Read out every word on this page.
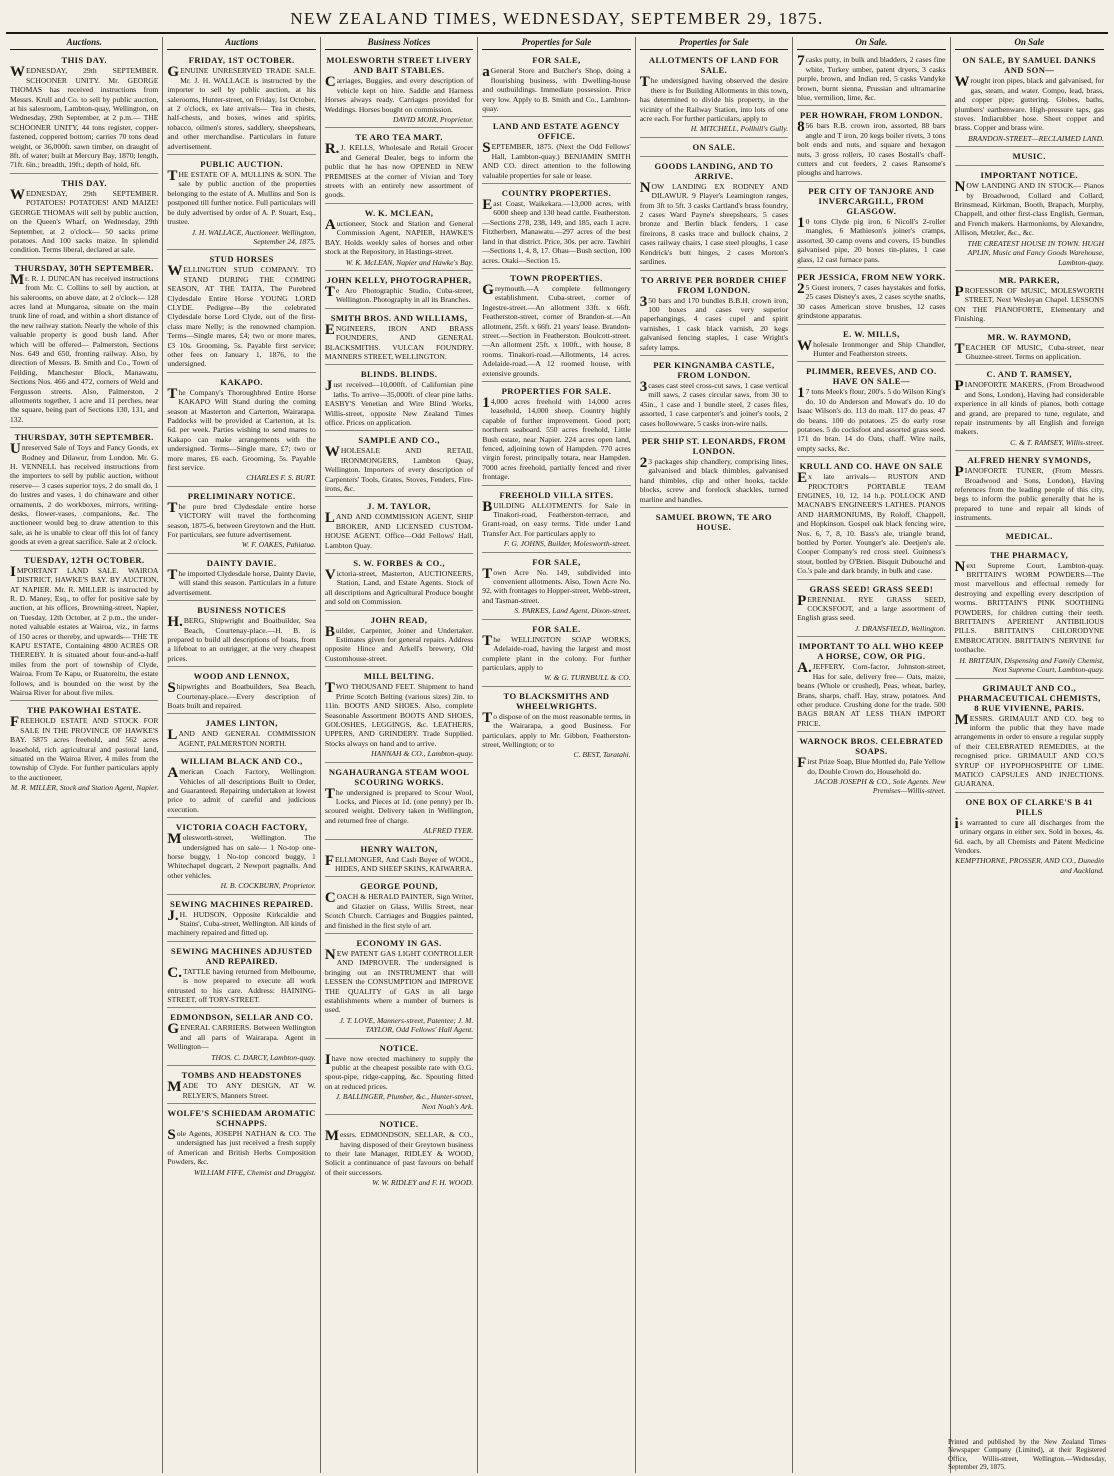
NEW ZEALAND TIMES, WEDNESDAY, SEPTEMBER 29, 1875.
Auctions.
THIS DAY.
WEDNESDAY, 29th SEPTEMBER. SCHOONER UNITY. Mr. GEORGE THOMAS has received instructions from Messrs. Krull and Co. to sell by public auction, at his salesroom, Lambton-quay, Wellington, on Wednesday, 29th September, at 2 p.m.— THE SCHOONER UNITY, 44 tons register, copper-fastened, coppered bottom; carries 70 tons dead weight, or 36,000ft. sawn timber, on draught of 8ft. of water; built at Mercury Bay, 1870; length, 71ft. 6in.; breadth, 19ft.; depth of hold, 6ft.
THIS DAY.
WEDNESDAY, 29th SEPTEMBER. POTATOES! POTATOES! AND MAIZE! GEORGE THOMAS will sell by public auction, on the Queen's Wharf, on Wednesday, 29th September, at 2 o'clock— 50 sacks prime potatoes. And 100 sacks maize. In splendid condition. Terms liberal, declared at sale.
THURSDAY, 30TH SEPTEMBER.
Mr. R. J. DUNCAN has received instructions from Mr. C. Collins to sell by auction, at his salerooms, on above date, at 2 o'clock— 128 acres land at Mungaroa, situate on the main trunk line of road, and within a short distance of the new railway station. Nearly the whole of this valuable property is good bush land. After which will be offered— Palmerston, Sections Nos. 649 and 650, fronting railway. Also, by direction of Messrs. B. Smith and Co., Town of Feilding, Manchester Block, Manawatu, Sections Nos. 466 and 472, corners of Weld and Fergusson streets. Also, Palmerston, 2 allotments together, 1 acre and 11 perches, near the square, being part of Sections 130, 131, and 132.
THURSDAY, 30TH SEPTEMBER.
Unreserved Sale of Toys and Fancy Goods, ex Rodney and Dilawur, from London. Mr. G. H. VENNELL has received instructions from the importers to sell by public auction, without reserve— 3 cases superior toys, 2 do small do, 1 do lustres and vases, 1 do chinaware and other ornaments, 2 do workboxes, mirrors, writing-desks, flower-vases, companions, &c. The auctioneer would beg to draw attention to this sale, as he is unable to clear off this lot of fancy goods at even a great sacrifice. Sale at 2 o'clock.
TUESDAY, 12TH OCTOBER.
IMPORTANT LAND SALE. WAIROA DISTRICT, HAWKE'S BAY. BY AUCTION, AT NAPIER. Mr. R. MILLER is instructed by R. D. Maney, Esq., to offer for positive sale by auction, at his offices, Browning-street, Napier, on Tuesday, 12th October, at 2 p.m., the under-noted valuable estates at Wairoa, viz., in farms of 150 acres or thereby, and upwards— THE TE KAPU ESTATE, Containing 4800 ACRES OR THEREBY. It is situated about four-and-a-half miles from the port of township of Clyde, Wairoa. From Te Kapu, or Ruatoreitu, the estate follows, and is bounded on the west by the Wairoa River for about five miles.
THE PAKOWHAI ESTATE.
FREEHOLD ESTATE AND STOCK FOR SALE IN THE PROVINCE OF HAWKE'S BAY. 5875 acres freehold, and 562 acres leasehold, rich agricultural and pastoral land, situated on the Wairoa River, 4 miles from the township of Clyde. For further particulars apply to the auctioneer,
M. R. MILLER, Stock and Station Agent, Napier.
Auctions
FRIDAY, 1ST OCTOBER.
GENUINE UNRESERVED TRADE SALE. Mr. J. H. WALLACE is instructed by the importer to sell by public auction, at his salerooms, Hunter-street, on Friday, 1st October, at 2 o'clock, ex late arrivals— Tea in chests, half-chests, and boxes, wines and spirits, tobacco, oilmen's stores, saddlery, sheepshears, and other merchandise. Particulars in future advertisement.
PUBLIC AUCTION.
THE ESTATE OF A. MULLINS & SON. The sale by public auction of the properties belonging to the estate of A. Mullins and Son is postponed till further notice. Full particulars will be duly advertised by order of A. P. Stuart, Esq., trustee.
J. H. WALLACE, Auctioneer. Wellington, September 24, 1875.
STUD HORSES
WELLINGTON STUD COMPANY. TO STAND DURING THE COMING SEASON, AT THE TAITA, The Purebred Clydesdale Entire Horse YOUNG LORD CLYDE. Pedigree—By the celebrated Clydesdale horse Lord Clyde, out of the first-class mare Nelly; is the renowned champion. Terms—Single mares, £4; two or more mares, £3 10s. Grooming, 5s. Payable first service; other fees on January 1, 1876, to the undersigned.
KAKAPO.
The Company's Thoroughbred Entire Horse KAKAPO Will Stand during the coming season at Masterton and Carterton, Wairarapa. Paddocks will be provided at Carterton, at 1s. 6d. per week. Parties wishing to send mares to Kakapo can make arrangements with the undersigned. Terms—Single mare, £7; two or more mares, £6 each. Grooming, 5s. Payable first service.
CHARLES F. S. BURT.
PRELIMINARY NOTICE.
The pure bred Clydesdale entire horse VICTORY will travel the forthcoming season, 1875-6, between Greytown and the Hutt. For particulars, see future advertisement.
W. F. OAKES, Pahiatua.
DAINTY DAVIE.
The imported Clydesdale horse, Dainty Davie, will stand this season. Particulars in a future advertisement.
BUSINESS NOTICES
H.BERG, Shipwright and Boatbuilder, Sea Beach, Courtenay-place.—H. B. is prepared to build all descriptions of boats, from a lifeboat to an outrigger, at the very cheapest prices.
WOOD AND LENNOX,
Shipwrights and Boatbuilders, Sea Beach, Courtenay-place.—Every description of Boats built and repaired.
JAMES LINTON,
LAND AND GENERAL COMMISSION AGENT, PALMERSTON NORTH.
WILLIAM BLACK AND CO.,
American Coach Factory, Wellington. Vehicles of all descriptions Built to Order, and Guaranteed. Repairing undertaken at lowest price to admit of careful and judicious execution.
VICTORIA COACH FACTORY,
Molesworth-street, Wellington. The undersigned has on sale— 1 No-top one-horse buggy, 1 No-top concord buggy, 1 Whitechapel dogcart, 2 Newport pagnalls. And other vehicles.
H. B. COCKBURN, Proprietor.
SEWING MACHINES REPAIRED.
J.H. HUDSON, Opposite Kirkcaldie and Stains', Cuba-street, Wellington. All kinds of machinery repaired and fitted up.
SEWING MACHINES ADJUSTED AND REPAIRED.
C.TATTLE having returned from Melbourne, is now prepared to execute all work entrusted to his care. Address: HAINING-STREET, off TORY-STREET.
EDMONDSON, SELLAR AND CO.
GENERAL CARRIERS. Between Wellington and all parts of Wairarapa. Agent in Wellington—
THOS. C. DARCY, Lambton-quay.
TOMBS AND HEADSTONES
MADE TO ANY DESIGN, AT W. RELYER'S, Manners Street.
WOLFE'S SCHIEDAM AROMATIC SCHNAPPS.
Sole Agents, JOSEPH NATHAN & CO. The undersigned has just received a fresh supply of American and British Herbs Composition Powders, &c.
WILLIAM FIFE, Chemist and Druggist.
Business Notices
MOLESWORTH STREET LIVERY AND BAIT STABLES.
Carriages, Buggies, and every description of vehicle kept on hire. Saddle and Harness Horses always ready. Carriages provided for Weddings. Horses bought on commission.
DAVID MOIR, Proprietor.
TE ARO TEA MART.
R.J. KELLS, Wholesale and Retail Grocer and General Dealer, begs to inform the public that he has now OPENED in NEW PREMISES at the corner of Vivian and Tory streets with an entirely new assortment of goods.
W. K. MCLEAN,
Auctioneer, Stock and Station and General Commission Agent, NAPIER, HAWKE'S BAY. Holds weekly sales of horses and other stock at the Repository, in Hastings-street.
W. K. McLEAN, Napier and Hawke's Bay.
JOHN KELLY, PHOTOGRAPHER,
Te Aro Photographic Studio, Cuba-street, Wellington. Photography in all its Branches.
SMITH BROS. AND WILLIAMS,
ENGINEERS, IRON AND BRASS FOUNDERS, AND GENERAL BLACKSMITHS. VULCAN FOUNDRY. MANNERS STREET, WELLINGTON.
BLINDS. BLINDS.
Just received—10,000ft. of Californian pine laths. To arrive—35,000ft. of clear pine laths. EASBY'S Venetian and Wire Blind Works, Willis-street, opposite New Zealand Times office. Prices on application.
SAMPLE AND CO.,
WHOLESALE AND RETAIL IRONMONGERS, Lambton Quay, Wellington. Importers of every description of Carpenters' Tools, Grates, Stoves, Fenders, Fire-irons, &c.
J. M. TAYLOR,
LAND AND COMMISSION AGENT, SHIP BROKER, AND LICENSED CUSTOM-HOUSE AGENT. Office—Odd Fellows' Hall, Lambton Quay.
S. W. FORBES & CO.,
Victoria-street, Masterton, AUCTIONEERS, Station, Land, and Estate Agents. Stock of all descriptions and Agricultural Produce bought and sold on Commission.
JOHN READ,
Builder, Carpenter, Joiner and Undertaker. Estimates given for general repairs. Address opposite Hince and Arkell's brewery, Old Customhouse-street.
MILL BELTING.
TWO THOUSAND FEET. Shipment to hand Prime Scotch Belting (various sizes) 2in. to 11in. BOOTS AND SHOES. Also, complete Seasonable Assortment BOOTS AND SHOES, GOLOSHES, LEGGINGS, &c. LEATHERS, UPPERS, AND GRINDERY. Trade Supplied. Stocks always on hand and to arrive.
HANNAH & CO., Lambton-quay.
NGAHAURANGA STEAM WOOL SCOURING WORKS.
The undersigned is prepared to Scour Wool, Locks, and Pieces at 1d. (one penny) per lb. scoured weight. Delivery taken in Wellington, and returned free of charge.
ALFRED TYER.
HENRY WALTON,
FELLMONGER, And Cash Buyer of WOOL, HIDES, AND SHEEP SKINS, KAIWARRA.
GEORGE POUND,
COACH & HERALD PAINTER, Sign Writer, and Glazier on Glass, Willis Street, near Scotch Church. Carriages and Buggies painted, and finished in the first style of art.
ECONOMY IN GAS.
NEW PATENT GAS LIGHT CONTROLLER AND IMPROVER. The undersigned is bringing out an INSTRUMENT that will LESSEN the CONSUMPTION and IMPROVE THE QUALITY of GAS in all large establishments where a number of burners is used.
J. T. LOVE, Manners-street, Patentee; J. M. TAYLOR, Odd Fellows' Hall Agent.
NOTICE.
Ihave now erected machinery to supply the public at the cheapest possible rate with O.G. spout-pipe, ridge-capping, &c. Spouting fitted on at reduced prices.
J. BALLINGER, Plumber, &c., Hunter-street, Next Noah's Ark.
NOTICE.
Messrs. EDMONDSON, SELLAR, & CO., having disposed of their Greytown business to their late Manager, RIDLEY & WOOD, Solicit a continuance of past favours on behalf of their successors.
W. W. RIDLEY and F. H. WOOD.
Properties for Sale
FOR SALE,
aGeneral Store and Butcher's Shop, doing a flourishing business, with Dwelling-house and outbuildings. Immediate possession. Price very low. Apply to B. Smith and Co., Lambton-quay.
LAND AND ESTATE AGENCY OFFICE.
SEPTEMBER, 1875. (Next the Odd Fellows' Hall, Lambton-quay.) BENJAMIN SMITH AND CO. direct attention to the following valuable properties for sale or lease.
COUNTRY PROPERTIES.
East Coast, Waikekara.—13,000 acres, with 6000 sheep and 130 head cattle. Featherston.—Sections 278, 238, 149, and 185, each 1 acre. Fitzherbert, Manawatu.—297 acres of the best land in that district. Price, 30s. per acre. Tawhiri—Sections 1, 4, 8, 17. Ohau—Bush section, 100 acres. Otaki—Section 15.
TOWN PROPERTIES.
Greymouth.—A complete fellmongery establishment. Cuba-street, corner of Ingestre-street.—An allotment 33ft. x 66ft. Featherston-street, corner of Brandon-st.—An allotment, 25ft. x 66ft. 21 years' lease. Brandon-street.—Section in Featherston. Boulcott-street.—An allotment 25ft. x 100ft., with house, 8 rooms. Tinakori-road.—Allotments, 14 acres. Adelaide-road.—A 12 roomed house, with extensive grounds.
PROPERTIES FOR SALE.
14,000 acres freehold with 14,000 acres leasehold, 14,000 sheep. Country highly capable of further improvement. Good port; northern seaboard. 550 acres freehold, Little Bush estate, near Napier. 224 acres open land, fenced, adjoining town of Hampden. 770 acres virgin forest, principally totara, near Hampden. 7000 acres freehold, partially fenced and river frontage.
FREEHOLD VILLA SITES.
BUILDING ALLOTMENTS for Sale in Tinakori-road, Featherston-terrace, and Grant-road, on easy terms. Title under Land Transfer Act. For particulars apply to
F. G. JOHNS, Builder, Molesworth-street.
FOR SALE,
Town Acre No. 149, subdivided into convenient allotments. Also, Town Acre No. 92, with frontages to Hopper-street, Webb-street, and Tasman-street.
S. PARKES, Land Agent, Dixon-street.
FOR SALE.
The WELLINGTON SOAP WORKS, Adelaide-road, having the largest and most complete plant in the colony. For further particulars, apply to
W. & G. TURNBULL & CO.
TO BLACKSMITHS AND WHEELWRIGHTS.
To dispose of on the most reasonable terms, in the Wairarapa, a good Business. For particulars, apply to Mr. Gibbon, Featherston-street, Wellington; or to
C. BEST, Taratahi.
Properties for Sale
ALLOTMENTS OF LAND FOR SALE.
The undersigned having observed the desire there is for Building Allotments in this town, has determined to divide his property, in the vicinity of the Railway Station, into lots of one acre each. For further particulars, apply to
H. MITCHELL, Pollhill's Gully.
ON SALE.
GOODS LANDING, AND TO ARRIVE.
NOW LANDING EX RODNEY AND DILAWUR. 9 Player's Leamington ranges, from 3ft to 5ft. 3 casks Cartland's brass foundry, 2 cases Ward Payne's sheepshears, 5 cases bronze and Berlin black fenders, 1 case fireirons, 8 casks trace and bullock chains, 2 cases railway chairs, 1 case steel ploughs, 1 case Kendrick's butt hinges, 2 cases Morton's sardines.
TO ARRIVE PER BORDER CHIEF FROM LONDON.
350 bars and 170 bundles B.B.H. crown iron, 100 boxes and cases very superior paperhangings, 4 cases cupel and spirit varnishes, 1 cask black varnish, 20 kegs galvanised fencing staples, 1 case Wright's safety lamps.
PER KINGNAMBA CASTLE, FROM LONDON.
3cases cast steel cross-cut saws, 1 case vertical mill saws, 2 cases circular saws, from 30 to 45in., 1 case and 1 bundle steel, 2 cases files, assorted, 1 case carpenter's and joiner's tools, 2 cases hollowware, 5 casks iron-wire nails.
PER SHIP ST. LEONARDS, FROM LONDON.
23 packages ship chandlery, comprising lines, galvanised and black thimbles, galvanised hand thimbles, clip and other hooks, tackle blocks, screw and forelock shackles, turned marline and handles.
SAMUEL BROWN, TE ARO HOUSE.
On Sale.
7casks putty, in bulk and bladders, 2 cases fine white, Turkey umber, patent dryers, 3 casks purple, brown, and Indian red, 5 casks Vandyke brown, burnt sienna, Prussian and ultramarine blue, vermilion, lime, &c.
PER HOWRAH, FROM LONDON.
856 bars R.B. crown iron, assorted, 88 bars angle and T iron, 20 kegs boiler rivets, 3 tons bolt ends and nuts, and square and hexagon nuts, 3 gross rollers, 10 cases Bostall's chaff-cutters and cut feeders, 2 cases Ransome's ploughs and harrows.
PER CITY OF TANJORE AND INVERCARGILL, FROM GLASGOW.
10 tons Clyde pig iron, 6 Nicoll's 2-roller mangles, 6 Mathieson's joiner's cramps, assorted, 30 camp ovens and covers, 15 bundles galvanised pipe, 20 boxes tin-plates, 1 case glass, 12 cast furnace pans.
PER JESSICA, FROM NEW YORK.
25 Guest ironers, 7 cases haystakes and forks, 25 cases Disney's axes, 2 cases scythe snaths, 30 cases American stove brushes, 12 cases grindstone apparatus.
E. W. MILLS,
Wholesale Ironmonger and Ship Chandler, Hunter and Featherston streets.
PLIMMER, REEVES, AND CO. HAVE ON SALE—
17 tons Meek's flour, 200's. 5 do Wilson King's do. 10 do Anderson and Mowat's do. 10 do Isaac Wilson's do. 113 do malt. 117 do peas. 47 do beans. 100 do potatoes. 25 do early rose potatoes. 5 do cocksfoot and assorted grass seed. 171 do bran. 14 do Oats, chaff. Wire nails, empty sacks, &c.
KRULL AND CO. HAVE ON SALE
Ex late arrivals— RUSTON AND PROCTOR'S PORTABLE TEAM ENGINES, 10, 12, 14 h.p. POLLOCK AND MACNAB'S ENGINEER'S LATHES. PIANOS AND HARMONIUMS, By Roloff, Chappell, and Hopkinson. Gospel oak black fencing wire, Nos. 6, 7, 8, 10. Bass's ale, triangle brand, bottled by Porter. Younger's ale. Deetjen's ale. Cooper Company's red cross steel. Guinness's stout, bottled by O'Brien. Bisquit Dubouché and Co.'s pale and dark brandy, in bulk and case.
GRASS SEED! GRASS SEED!
PERENNIAL RYE GRASS SEED, COCKSFOOT, and a large assortment of English grass seed.
J. DRANSFIELD, Wellington.
IMPORTANT TO ALL WHO KEEP A HORSE, COW, OR PIG.
A.JEFFERY, Corn-factor, Johnston-street, Has for sale, delivery free— Oats, maize, beans (Whole or crushed), Peas, wheat, barley, Brans, sharps, chaff. Hay, straw, potatoes. And other produce. Crushing done for the trade. 500 BAGS BRAN AT LESS THAN IMPORT PRICE.
WARNOCK BROS. CELEBRATED SOAPS.
First Prize Soap, Blue Mottled do, Pale Yellow do, Double Crown do, Household do.
JACOB JOSEPH & CO., Sole Agents. New Premises—Willis-street.
On Sale
ON SALE, BY SAMUEL DANKS AND SON—
Wrought iron pipes, black and galvanised, for gas, steam, and water. Compo, lead, brass, and copper pipe; guttering. Globes, baths, plumbers' earthenware. High-pressure taps, gas stoves. Indiarubber hose. Sheet copper and brass. Copper and brass wire.
BRANDON-STREET—RECLAIMED LAND.
MUSIC.
IMPORTANT NOTICE.
NOW LANDING AND IN STOCK— Pianos by Broadwood, Collard and Collard, Brinsmead, Kirkman, Booth, Brapach, Murphy, Chappell, and other first-class English, German, and French makers. Harmoniums, by Alexandre, Allison, Metzler, &c., &c.
THE CREATEST HOUSE IN TOWN. HUGH APLIN, Music and Fancy Goods Warehouse, Lambton-quay.
MR. PARKER,
PROFESSOR OF MUSIC, MOLESWORTH STREET, Next Wesleyan Chapel. LESSONS ON THE PIANOFORTE, Elementary and Finishing.
MR. W. RAYMOND,
TEACHER OF MUSIC, Cuba-street, near Ghuznee-street. Terms on application.
C. AND T. RAMSEY,
PIANOFORTE MAKERS, (From Broadwood and Sons, London), Having had considerable experience in all kinds of pianos, both cottage and grand, are prepared to tune, regulate, and repair instruments by all English and foreign makers.
C. & T. RAMSEY, Willis-street.
ALFRED HENRY SYMONDS,
PIANOFORTE TUNER, (From Messrs. Broadwood and Sons, London), Having references from the leading people of this city, begs to inform the public generally that he is prepared to tune and repair all kinds of instruments.
MEDICAL.
THE PHARMACY,
Next Supreme Court, Lambton-quay. BRITTAIN'S WORM POWDERS—The most marvellous and effectual remedy for destroying and expelling every description of worms. BRITTAIN'S PINK SOOTHING POWDERS, for children cutting their teeth. BRITTAIN'S APERIENT ANTIBILIOUS PILLS. BRITTAIN'S CHLORODYNE EMBROCATION. BRITTAIN'S NERVINE for toothache.
H. BRITTAIN, Dispensing and Family Chemist, Next Supreme Court, Lambton-quay.
GRIMAULT AND CO., PHARMACEUTICAL CHEMISTS, 8 RUE VIVIENNE, PARIS.
MESSRS. GRIMAULT AND CO. beg to inform the public that they have made arrangements in order to ensure a regular supply of their CELEBRATED REMEDIES, at the recognised price. GRIMAULT AND CO.'S SYRUP OF HYPOPHOSPHITE OF LIME. MATICO CAPSULES AND INJECTIONS. GUARANA.
ONE BOX OF CLARKE'S B 41 PILLS
is warranted to cure all discharges from the urinary organs in either sex. Sold in boxes, 4s. 6d. each, by all Chemists and Patent Medicine Vendors.
KEMPTHORNE, PROSSER, AND CO., Dunedin and Auckland.
Printed and published by the New Zealand Times Newspaper Company (Limited), at their Registered Office, Willis-street, Wellington.—Wednesday, September 29, 1875.
